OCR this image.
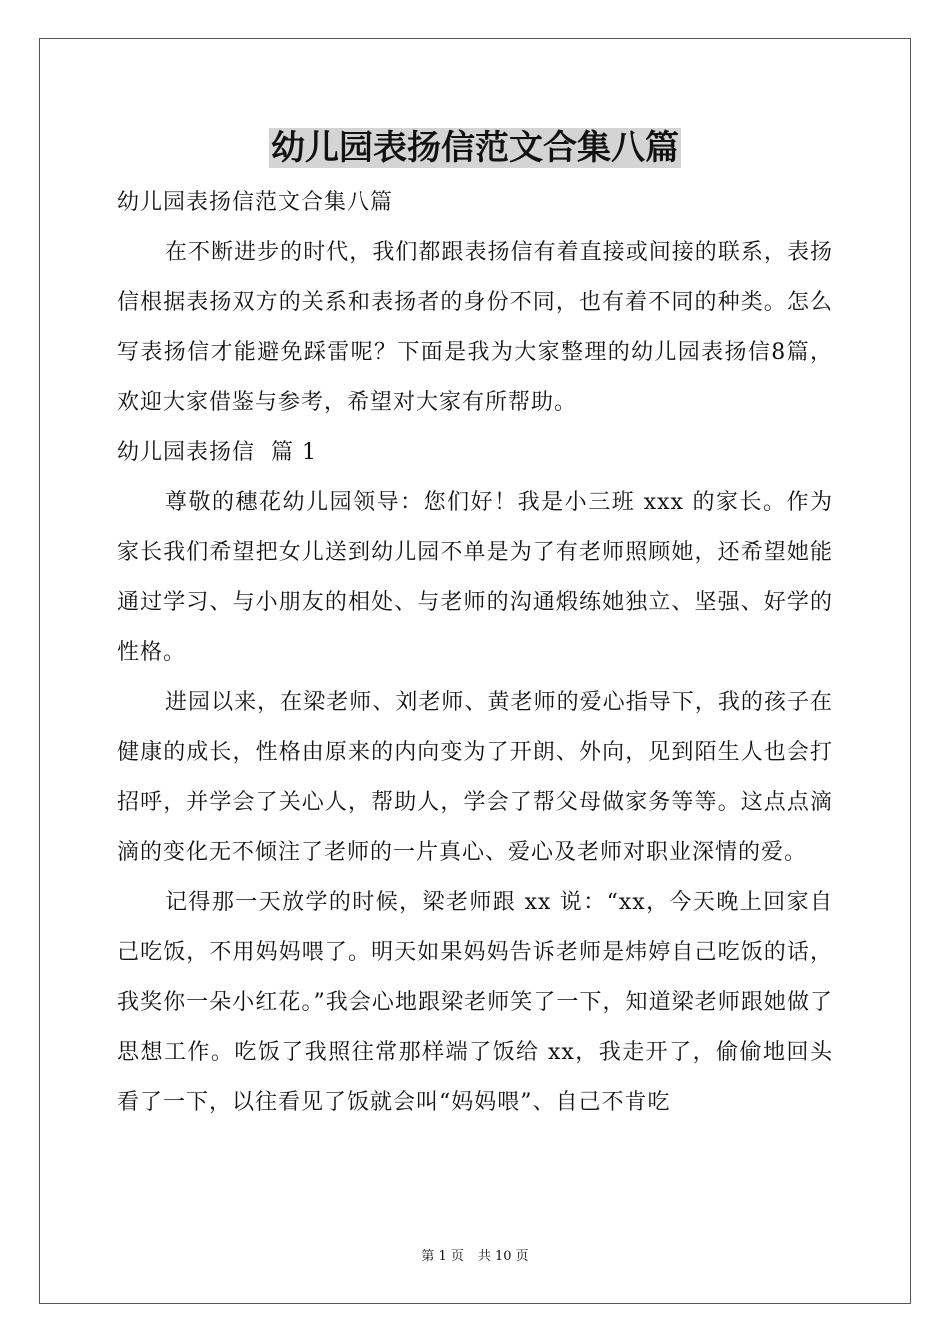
幼儿园表扬信范文合集八篇

幼儿园表扬信范文合集八篇

在不断进步的时代，我们都跟表扬信有着直接或间接的联系，表扬信根据表扬双方的关系和表扬者的身份不同，也有着不同的种类。怎么写表扬信才能避免踩雷呢？下面是我为大家整理的幼儿园表扬信8篇，欢迎大家借鉴与参考，希望对大家有所帮助。

幼儿园表扬信  篇 1

尊敬的穗花幼儿园领导：您们好！我是小三班 xxx 的家长。作为家长我们希望把女儿送到幼儿园不单是为了有老师照顾她，还希望她能通过学习、与小朋友的相处、与老师的沟通煅练她独立、坚强、好学的性格。

进园以来，在梁老师、刘老师、黄老师的爱心指导下，我的孩子在健康的成长，性格由原来的内向变为了开朗、外向，见到陌生人也会打招呼，并学会了关心人，帮助人，学会了帮父母做家务等等。这点点滴滴的变化无不倾注了老师的一片真心、爱心及老师对职业深情的爱。

记得那一天放学的时候，梁老师跟 xx 说：“xx，今天晚上回家自己吃饭，不用妈妈喂了。明天如果妈妈告诉老师是炜婷自己吃饭的话，我奖你一朵小红花。”我会心地跟梁老师笑了一下，知道梁老师跟她做了思想工作。吃饭了我照往常那样端了饭给 xx，我走开了，偷偷地回头看了一下，以往看见了饭就会叫“妈妈喂”、自己不肯吃

第 1 页 共 10 页
